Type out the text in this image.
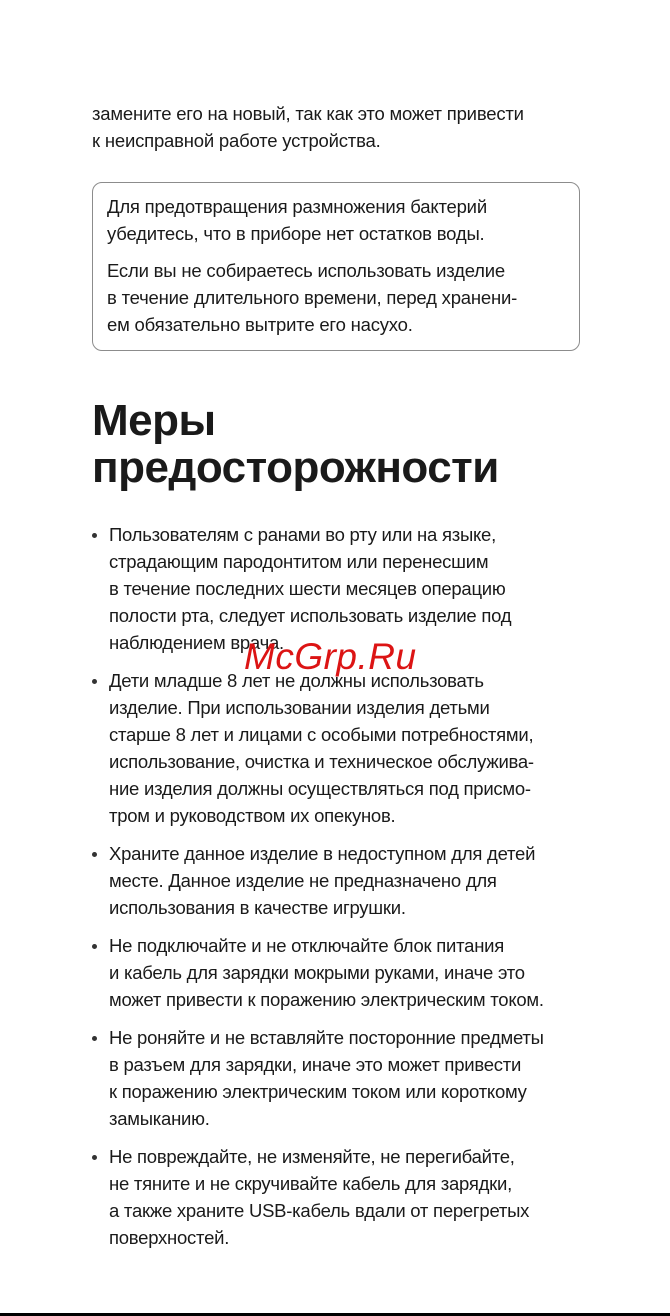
замените его на новый, так как это может привести
к неисправной работе устройства.

Для предотвращения размножения бактерий
убедитесь, что в приборе нет остатков воды.

Если вы не собираетесь использовать изделие
в течение длительного времени, перед хранени-
ем обязательно вытрите его насухо.

Меры
предосторожности
Пользователям с ранами во рту или на языке,
страдающим пародонтитом или перенесшим
в течение последних шести месяцев операцию
полости рта, следует использовать изделие под
наблюдением врача.
Дети младше 8 лет не должны использовать
изделие. При использовании изделия детьми
старше 8 лет и лицами с особыми потребностями,
использование, очистка и техническое обслужива-
ние изделия должны осуществляться под присмо-
тром и руководством их опекунов.
Храните данное изделие в недоступном для детей
месте. Данное изделие не предназначено для
использования в качестве игрушки.
Не подключайте и не отключайте блок питания
и кабель для зарядки мокрыми руками, иначе это
может привести к поражению электрическим током.
Не роняйте и не вставляйте посторонние предметы
в разъем для зарядки, иначе это может привести
к поражению электрическим током или короткому
замыканию.
Не повреждайте, не изменяйте, не перегибайте,
не тяните и не скручивайте кабель для зарядки,
а также храните USB-кабель вдали от перегретых
поверхностей.
McGrp.Ru
